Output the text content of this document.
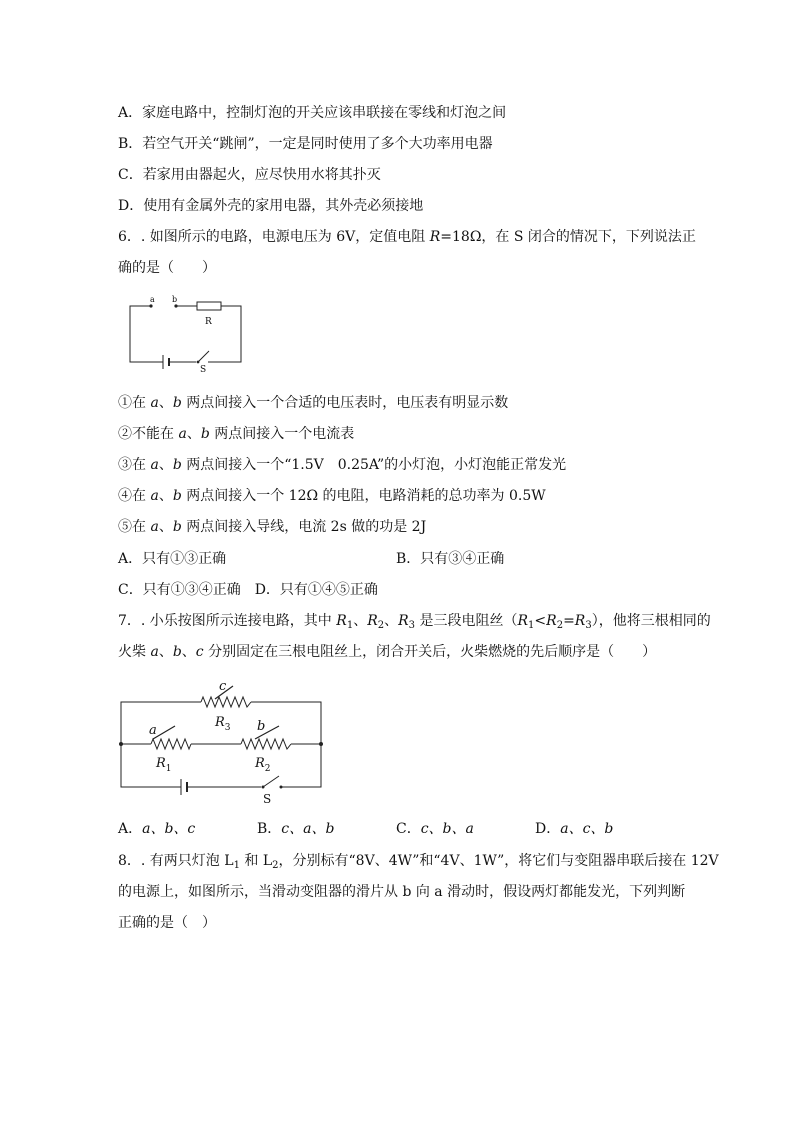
A．家庭电路中，控制灯泡的开关应该串联接在零线和灯泡之间
B．若空气开关“跳闸”，一定是同时使用了多个大功率用电器
C．若家用由器起火，应尽快用水将其扑灭
D．使用有金属外壳的家用电器，其外壳必须接地
6．. 如图所示的电路，电源电压为 6V，定值电阻 R=18Ω，在 S 闭合的情况下，下列说法正
确的是（　　）
a b
R
S
①在 a、b 两点间接入一个合适的电压表时，电压表有明显示数
②不能在 a、b 两点间接入一个电流表
③在 a、b 两点间接入一个“1.5V　0.25A”的小灯泡，小灯泡能正常发光
④在 a、b 两点间接入一个 12Ω 的电阻，电路消耗的总功率为 0.5W
⑤在 a、b 两点间接入导线，电流 2s 做的功是 2J
A．只有①③正确	B．只有③④正确
C．只有①③④正确　D．只有①④⑤正确
7．. 小乐按图所示连接电路，其中 $R_1$、$R_2$、$R_3$ 是三段电阻丝$(R_1<R_2=R_3)$，他将三根相同的
火柴 a、b、c 分别固定在三根电阻丝上，闭合开关后，火柴燃烧的先后顺序是（　　）
c
$R_3$
a	b
$R_1$	$R_2$
S
A．a、b、c	B．c、a、b	C．c、b、a	D．a、c、b
8．. 有两只灯泡 $L_1$ 和 $L_2$，分别标有“8V、4W”和“4V、1W”，将它们与变阻器串联后接在 12V
的电源上，如图所示，当滑动变阻器的滑片从 b 向 a 滑动时，假设两灯都能发光，下列判断
正确的是（　）
